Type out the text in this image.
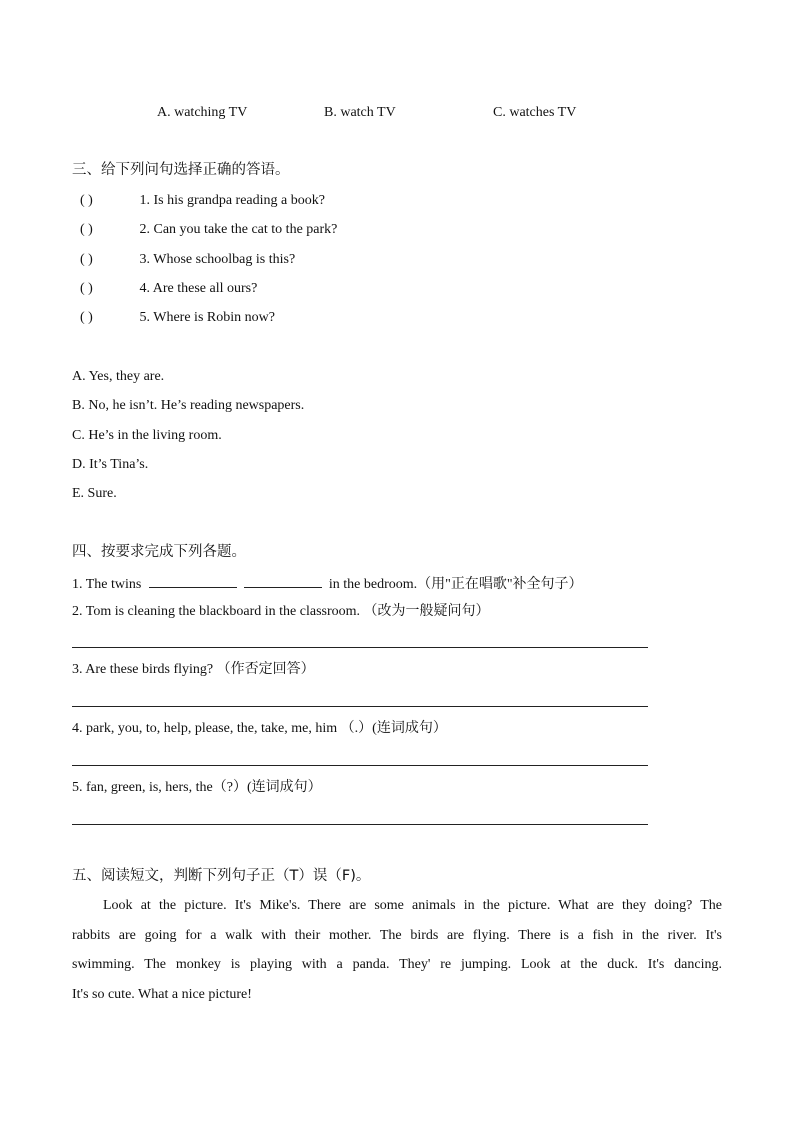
A. watching TV	B. watch TV	C. watches TV
三、给下列问句选择正确的答语。
( )	1. Is his grandpa reading a book?
( )	2. Can you take the cat to the park?
( )	3. Whose schoolbag is this?
( )	4. Are these all ours?
( )	5. Where is Robin now?
A. Yes, they are.
B. No, he isn’t. He’s reading newspapers.
C. He’s in the living room.
D. It’s Tina’s.
E. Sure.
四、按要求完成下列各题。
1. The twins	in the bedroom.（用"正在唱歌"补全句子）
2. Tom is cleaning the blackboard in the classroom. （改为一般疑问句）
3. Are these birds flying? （作否定回答）
4. park, you, to, help, please, the, take, me, him （.）(连词成句）
5. fan, green, is, hers, the（?）(连词成句）
五、阅读短文，判断下列句子正（T）误（F)。
Look at the picture. It's Mike's. There are some animals in the picture. What are they doing? The
rabbits are going for a walk with their mother. The birds are flying. There is a fish in the river. It's
swimming. The monkey is playing with a panda. They' re jumping. Look at the duck. It's dancing.
It's so cute. What a nice picture!
